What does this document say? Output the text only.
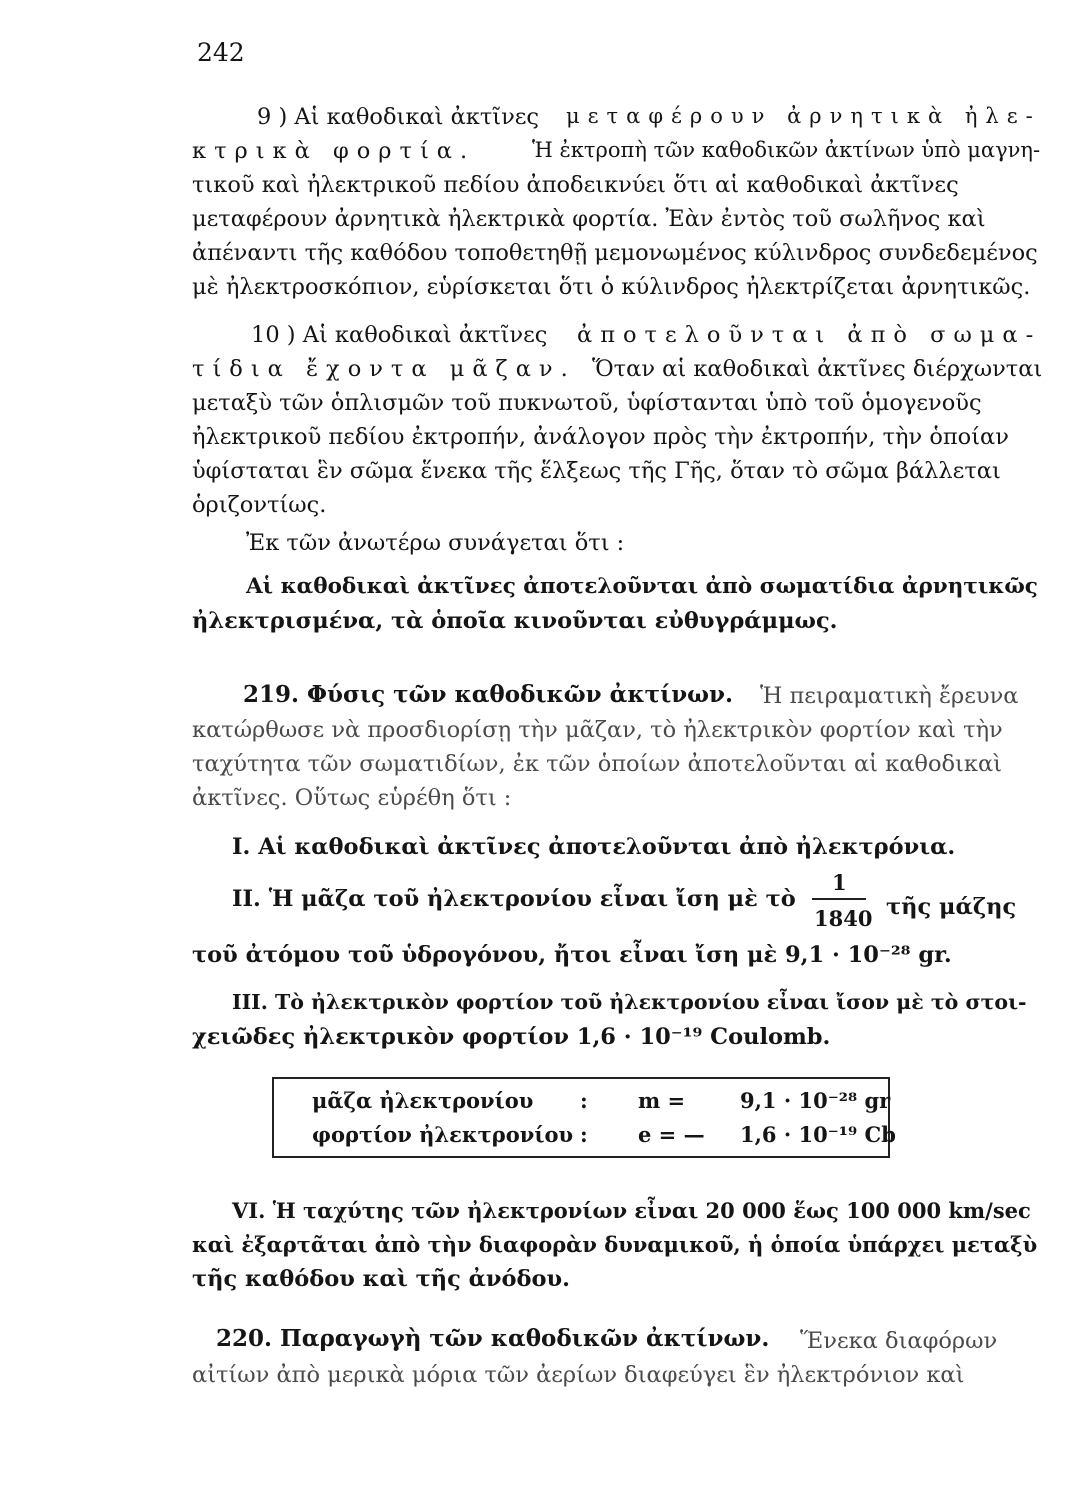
242
9 ) Αἱ καθοδικαὶ ἀκτῖνες μεταφέρουν ἀρνητικὰ ἠλε-
κτρικὰ φορτία.	Ἡ ἐκτροπὴ τῶν καθοδικῶν ἀκτίνων ὑπὸ μαγνη-
τικοῦ καὶ ἠλεκτρικοῦ πεδίου ἀποδεικνύει ὅτι αἱ καθοδικαὶ ἀκτῖνες
μεταφέρουν ἀρνητικὰ ἠλεκτρικὰ φορτία. Ἐὰν ἐντὸς τοῦ σωλῆνος καὶ
ἀπέναντι τῆς καθόδου τοποθετηθῇ μεμονωμένος κύλινδρος συνδεδεμένος
μὲ ἠλεκτροσκόπιον, εὑρίσκεται ὅτι ὁ κύλινδρος ἠλεκτρίζεται ἀρνητικῶς.
10 ) Αἱ καθοδικαὶ ἀκτῖνες ἀποτελοῦνται ἀπὸ σωμα-
τίδια ἔχοντα μᾶζαν. Ὅταν αἱ καθοδικαὶ ἀκτῖνες διέρχωνται
μεταξὺ τῶν ὁπλισμῶν τοῦ πυκνωτοῦ, ὑφίστανται ὑπὸ τοῦ ὁμογενοῦς
ἠλεκτρικοῦ πεδίου ἐκτροπήν, ἀνάλογον πρὸς τὴν ἐκτροπήν, τὴν ὁποίαν
ὑφίσταται ἓν σῶμα ἕνεκα τῆς ἕλξεως τῆς Γῆς, ὅταν τὸ σῶμα βάλλεται
ὁριζοντίως.
Ἐκ τῶν ἀνωτέρω συνάγεται ὅτι :
Αἱ καθοδικαὶ ἀκτῖνες ἀποτελοῦνται ἀπὸ σωματίδια ἀρνητικῶς
ἠλεκτρισμένα, τὰ ὁποῖα κινοῦνται εὐθυγράμμως.
219. Φύσις τῶν καθοδικῶν ἀκτίνων. Ἡ πειραματικὴ ἔρευνα
κατώρθωσε νὰ προσδιορίσῃ τὴν μᾶζαν, τὸ ἠλεκτρικὸν φορτίον καὶ τὴν
ταχύτητα τῶν σωματιδίων, ἐκ τῶν ὁποίων ἀποτελοῦνται αἱ καθοδικαὶ
ἀκτῖνες. Οὕτως εὑρέθη ὅτι :
Ι. Αἱ καθοδικαὶ ἀκτῖνες ἀποτελοῦνται ἀπὸ ἠλεκτρόνια.
ΙΙ. Ἡ μᾶζα τοῦ ἠλεκτρονίου εἶναι ἴση μὲ τὸ
1
1840 τῆς μάζης
τοῦ ἀτόμου τοῦ ὑδρογόνου, ἤτοι εἶναι ἴση μὲ 9,1 · 10⁻²⁸ gr.
ΙΙΙ. Τὸ ἠλεκτρικὸν φορτίον τοῦ ἠλεκτρονίου εἶναι ἴσον μὲ τὸ στοι-
χειῶδες ἠλεκτρικὸν φορτίον 1,6 · 10⁻¹⁹ Coulomb.
μᾶζα ἠλεκτρονίου : m =	9,1 · 10⁻²⁸ gr
φορτίον ἠλεκτρονίου : e = — 1,6 · 10⁻¹⁹ Cb
VI. Ἡ ταχύτης τῶν ἠλεκτρονίων εἶναι 20 000 ἕως 100 000 km/sec
καὶ ἐξαρτᾶται ἀπὸ τὴν διαφορὰν δυναμικοῦ, ἡ ὁποία ὑπάρχει μεταξὺ
τῆς καθόδου καὶ τῆς ἀνόδου.
220. Παραγωγὴ τῶν καθοδικῶν ἀκτίνων. Ἕνεκα διαφόρων
αἰτίων ἀπὸ μερικὰ μόρια τῶν ἀερίων διαφεύγει ἓν ἠλεκτρόνιον καὶ
